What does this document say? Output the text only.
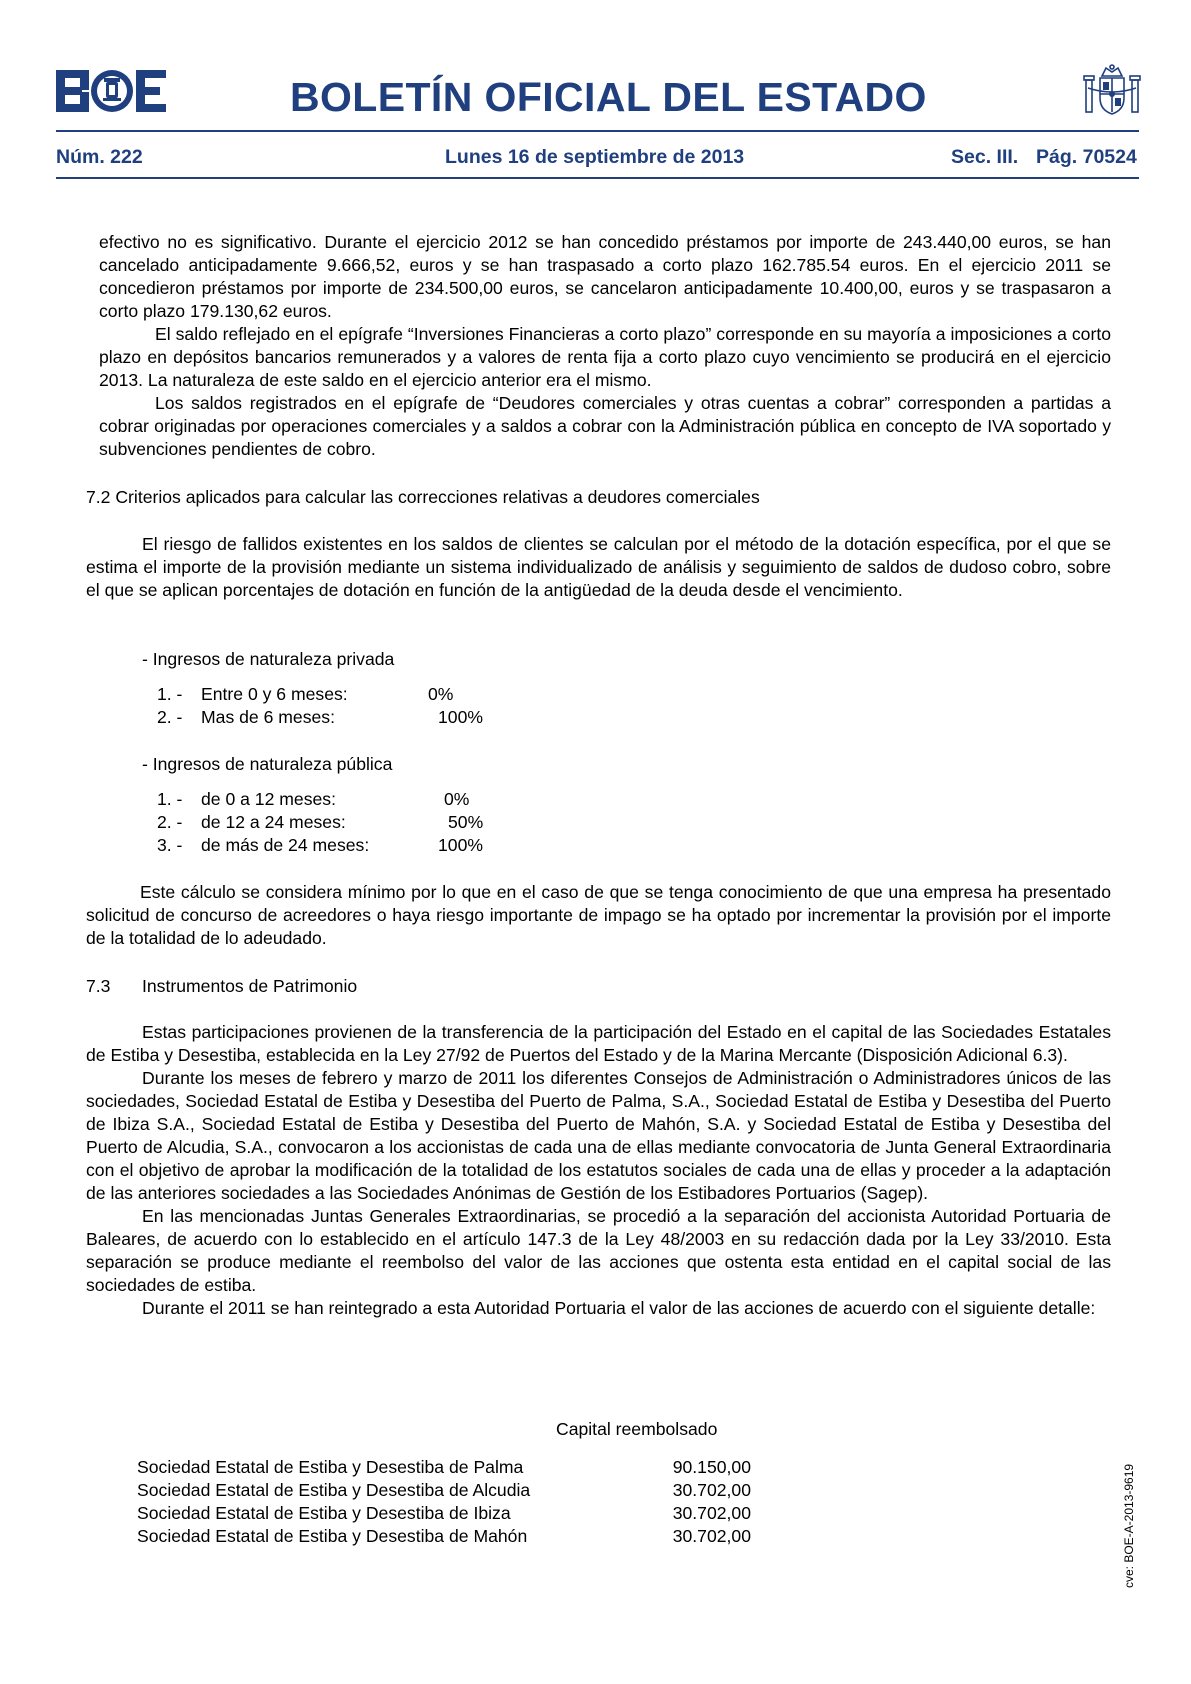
BOLETÍN OFICIAL DEL ESTADO
Núm. 222	Lunes 16 de septiembre de 2013	Sec. III. Pág. 70524

efectivo no es significativo. Durante el ejercicio 2012 se han concedido préstamos por importe de 243.440,00 euros, se han cancelado anticipadamente 9.666,52, euros y se han traspasado a corto plazo 162.785.54 euros. En el ejercicio 2011 se concedieron préstamos por importe de 234.500,00 euros, se cancelaron anticipadamente 10.400,00, euros y se traspasaron a corto plazo 179.130,62 euros.

El saldo reflejado en el epígrafe “Inversiones Financieras a corto plazo” corresponde en su mayoría a imposiciones a corto plazo en depósitos bancarios remunerados y a valores de renta fija a corto plazo cuyo vencimiento se producirá en el ejercicio 2013. La naturaleza de este saldo en el ejercicio anterior era el mismo.

Los saldos registrados en el epígrafe de “Deudores comerciales y otras cuentas a cobrar” corresponden a partidas a cobrar originadas por operaciones comerciales y a saldos a cobrar con la Administración pública en concepto de IVA soportado y subvenciones pendientes de cobro.

7.2 Criterios aplicados para calcular las correcciones relativas a deudores comerciales

El riesgo de fallidos existentes en los saldos de clientes se calculan por el método de la dotación específica, por el que se estima el importe de la provisión mediante un sistema individualizado de análisis y seguimiento de saldos de dudoso cobro, sobre el que se aplican porcentajes de dotación en función de la antigüedad de la deuda desde el vencimiento.

- Ingresos de naturaleza privada
1. - Entre 0 y 6 meses:	0%
2. - Mas de 6 meses:	100%
- Ingresos de naturaleza pública
1. - de 0 a 12 meses:	0%
2. - de 12 a 24 meses:	50%
3. - de más de 24 meses:	100%

Este cálculo se considera mínimo por lo que en el caso de que se tenga conocimiento de que una empresa ha presentado solicitud de concurso de acreedores o haya riesgo importante de impago se ha optado por incrementar la provisión por el importe de la totalidad de lo adeudado.

7.3 Instrumentos de Patrimonio

Estas participaciones provienen de la transferencia de la participación del Estado en el capital de las Sociedades Estatales de Estiba y Desestiba, establecida en la Ley 27/92 de Puertos del Estado y de la Marina Mercante (Disposición Adicional 6.3).

Durante los meses de febrero y marzo de 2011 los diferentes Consejos de Administración o Administradores únicos de las sociedades, Sociedad Estatal de Estiba y Desestiba del Puerto de Palma, S.A., Sociedad Estatal de Estiba y Desestiba del Puerto de Ibiza S.A., Sociedad Estatal de Estiba y Desestiba del Puerto de Mahón, S.A. y Sociedad Estatal de Estiba y Desestiba del Puerto de Alcudia, S.A., convocaron a los accionistas de cada una de ellas mediante convocatoria de Junta General Extraordinaria con el objetivo de aprobar la modificación de la totalidad de los estatutos sociales de cada una de ellas y proceder a la adaptación de las anteriores sociedades a las Sociedades Anónimas de Gestión de los Estibadores Portuarios (Sagep).

En las mencionadas Juntas Generales Extraordinarias, se procedió a la separación del accionista Autoridad Portuaria de Baleares, de acuerdo con lo establecido en el artículo 147.3 de la Ley 48/2003 en su redacción dada por la Ley 33/2010. Esta separación se produce mediante el reembolso del valor de las acciones que ostenta esta entidad en el capital social de las sociedades de estiba.

Durante el 2011 se han reintegrado a esta Autoridad Portuaria el valor de las acciones de acuerdo con el siguiente detalle:

Capital reembolsado
Sociedad Estatal de Estiba y Desestiba de Palma	90.150,00
Sociedad Estatal de Estiba y Desestiba de Alcudia	30.702,00
Sociedad Estatal de Estiba y Desestiba de Ibiza	30.702,00
Sociedad Estatal de Estiba y Desestiba de Mahón	30.702,00	cve: BOE-A-2013-9619
